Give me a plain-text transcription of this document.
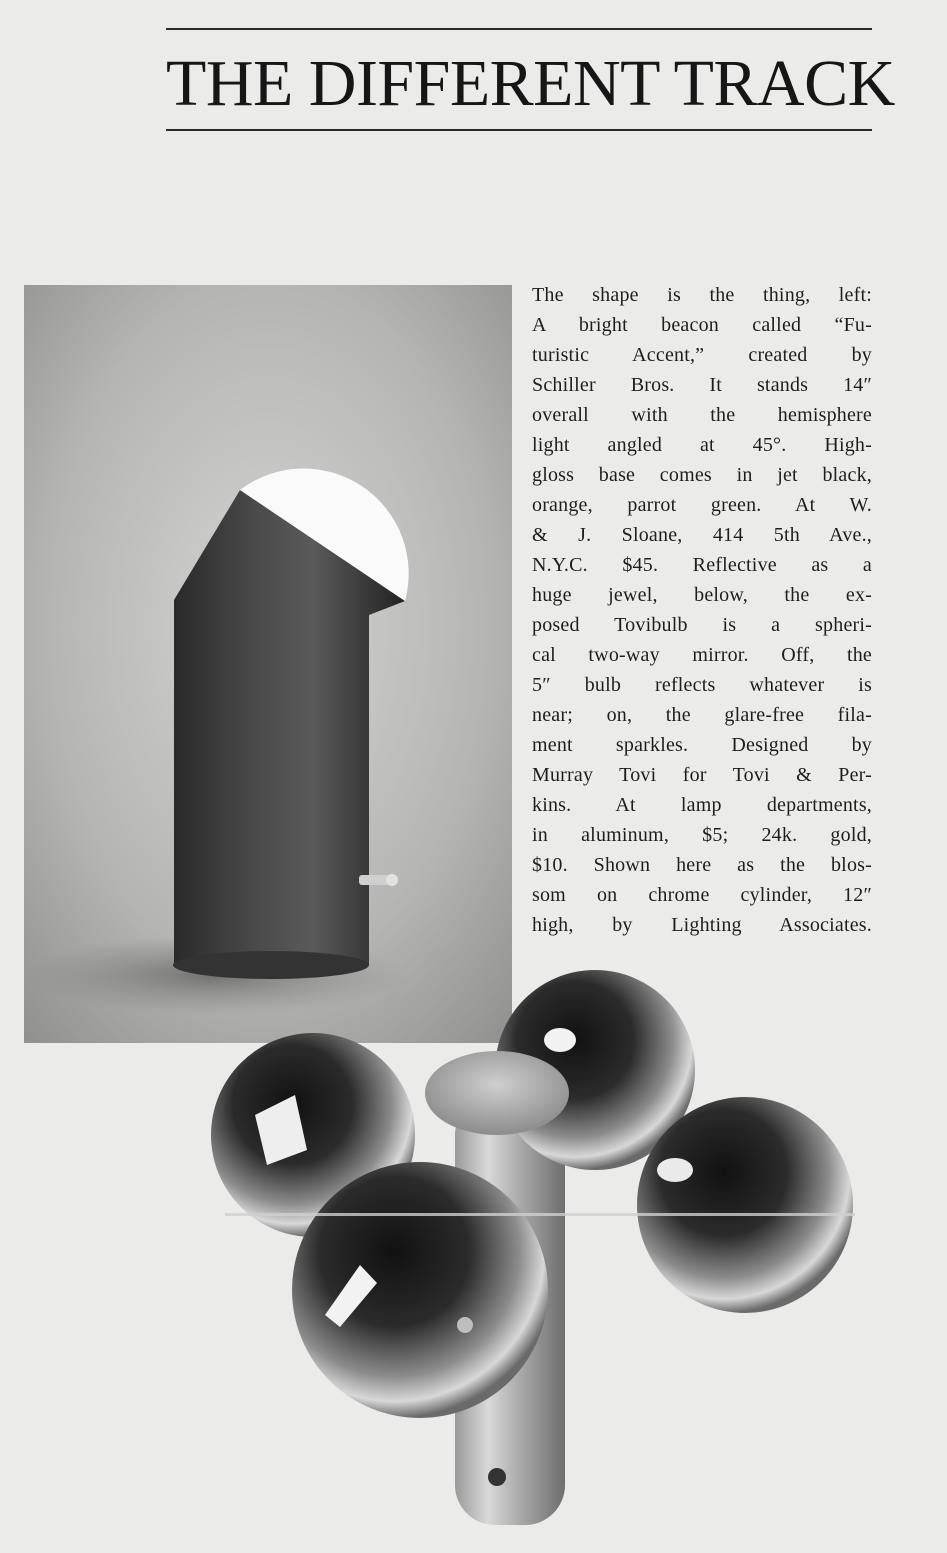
THE DIFFERENT TRACK
The shape is the thing, left:
A bright beacon called “Fu-
turistic Accent,” created by
Schiller Bros. It stands 14″
overall with the hemisphere
light angled at 45°. High-
gloss base comes in jet black,
orange, parrot green. At W.
& J. Sloane, 414 5th Ave.,
N.Y.C. $45. Reflective as a
huge jewel, below, the ex-
posed Tovibulb is a spheri-
cal two-way mirror. Off, the
5″ bulb reflects whatever is
near; on, the glare-free fila-
ment sparkles. Designed by
Murray Tovi for Tovi & Per-
kins. At lamp departments,
in aluminum, $5; 24k. gold,
$10. Shown here as the blos-
som on chrome cylinder, 12″
high, by Lighting Associates.
